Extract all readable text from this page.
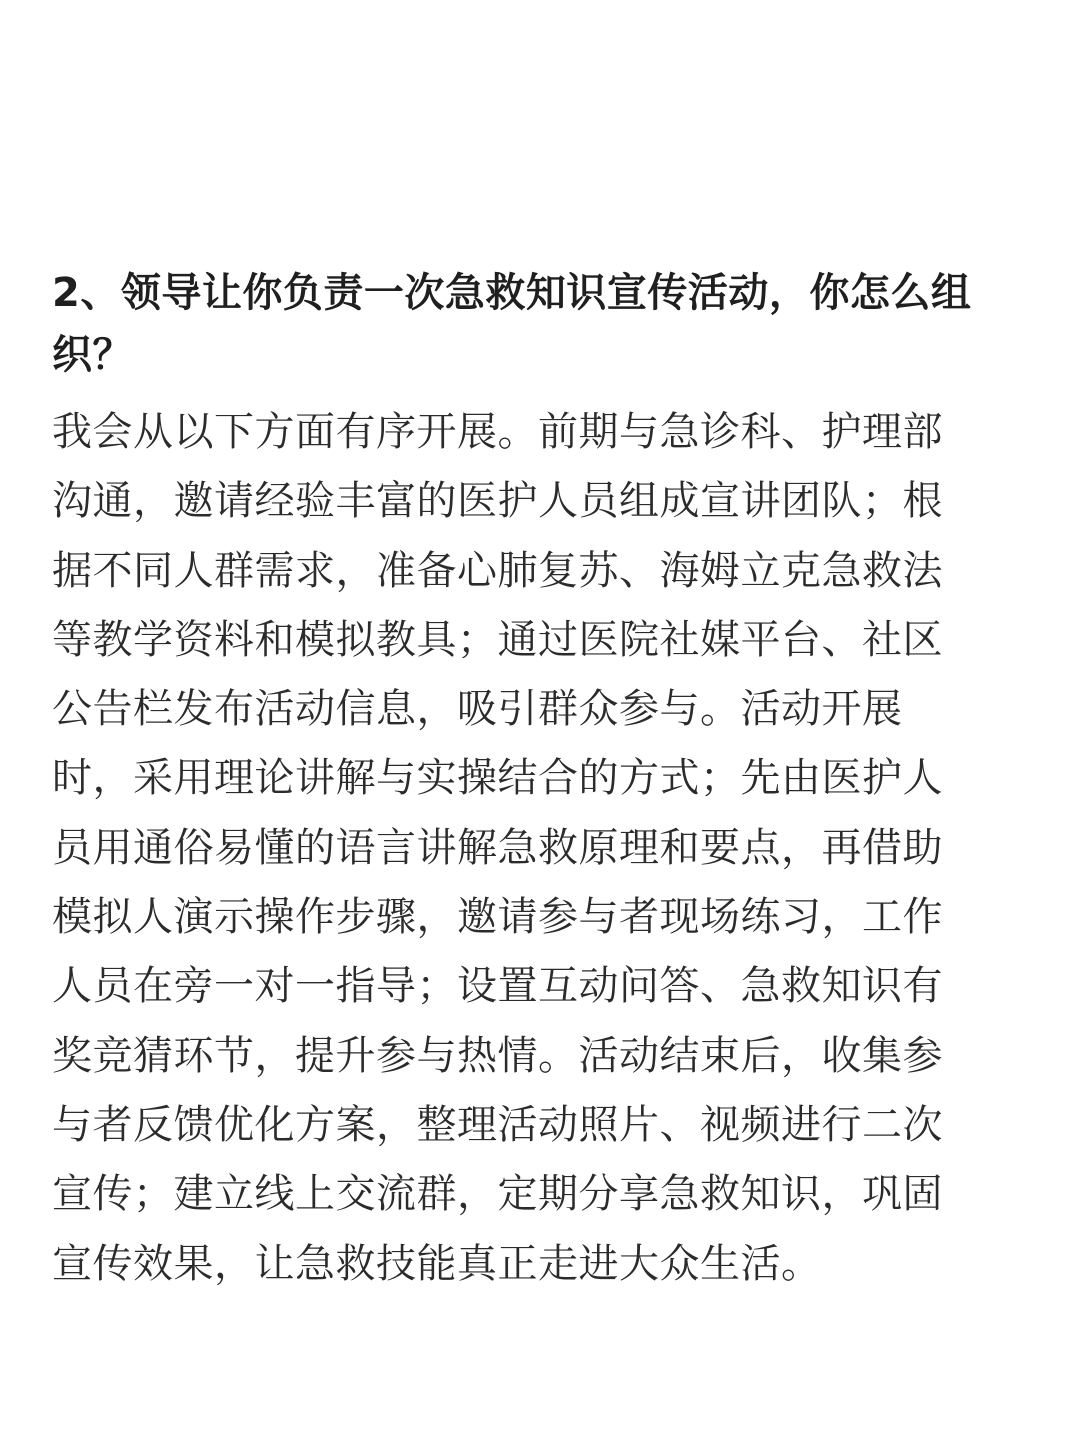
2、领导让你负责一次急救知识宣传活动，你怎么组
织？
我会从以下方面有序开展。前期与急诊科、护理部
沟通，邀请经验丰富的医护人员组成宣讲团队；根
据不同人群需求，准备心肺复苏、海姆立克急救法
等教学资料和模拟教具；通过医院社媒平台、社区
公告栏发布活动信息，吸引群众参与。活动开展
时，采用理论讲解与实操结合的方式；先由医护人
员用通俗易懂的语言讲解急救原理和要点，再借助
模拟人演示操作步骤，邀请参与者现场练习，工作
人员在旁一对一指导；设置互动问答、急救知识有
奖竞猜环节，提升参与热情。活动结束后，收集参
与者反馈优化方案，整理活动照片、视频进行二次
宣传；建立线上交流群，定期分享急救知识，巩固
宣传效果，让急救技能真正走进大众生活。
